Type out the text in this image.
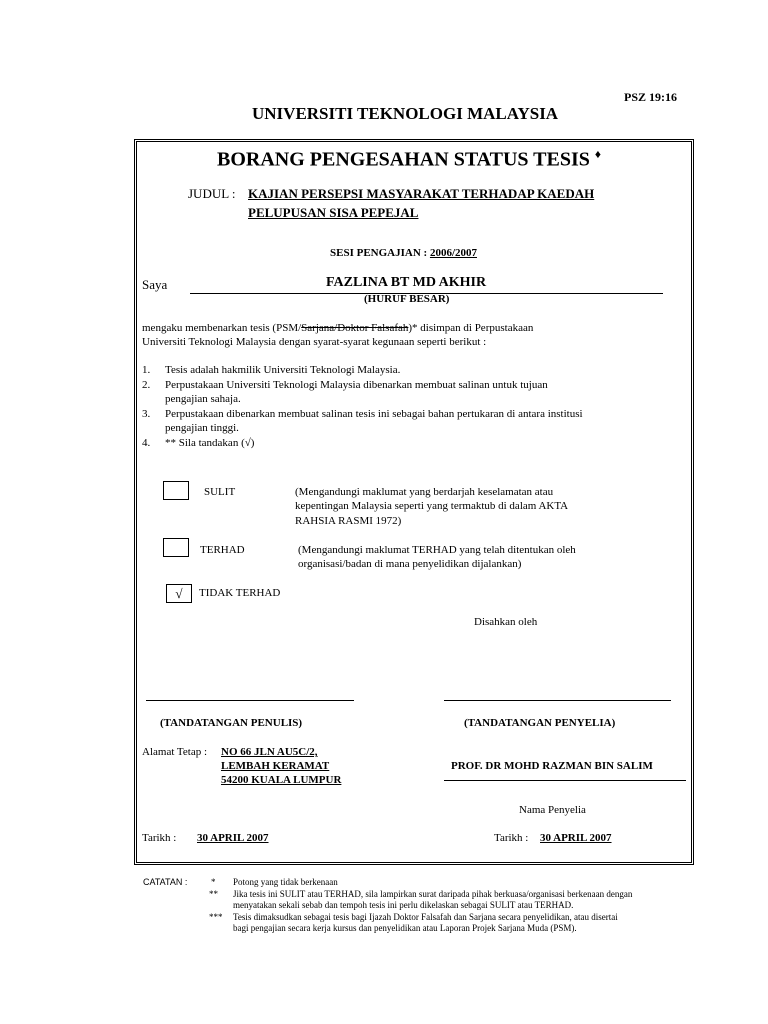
PSZ 19:16
UNIVERSITI TEKNOLOGI MALAYSIA
BORANG PENGESAHAN STATUS TESIS ♦
JUDUL : KAJIAN PERSEPSI MASYARAKAT TERHADAP KAEDAH
PELUPUSAN SISA PEPEJAL
SESI PENGAJIAN : 2006/2007
Saya	FAZLINA BT MD AKHIR
(HURUF BESAR)
mengaku membenarkan tesis (PSM/Sarjana/Doktor Falsafah)* disimpan di Perpustakaan
Universiti Teknologi Malaysia dengan syarat-syarat kegunaan seperti berikut :
1. Tesis adalah hakmilik Universiti Teknologi Malaysia.
2. Perpustakaan Universiti Teknologi Malaysia dibenarkan membuat salinan untuk tujuan
pengajian sahaja.
3. Perpustakaan dibenarkan membuat salinan tesis ini sebagai bahan pertukaran di antara institusi
pengajian tinggi.
4. ** Sila tandakan (√)
SULIT	(Mengandungi maklumat yang berdarjah keselamatan atau
kepentingan Malaysia seperti yang termaktub di dalam AKTA
RAHSIA RASMI 1972)
TERHAD	(Mengandungi maklumat TERHAD yang telah ditentukan oleh
organisasi/badan di mana penyelidikan dijalankan)
√	TIDAK TERHAD
Disahkan oleh
(TANDATANGAN PENULIS)	(TANDATANGAN PENYELIA)
Alamat Tetap : NO 66 JLN AU5C/2,
LEMBAH KERAMAT
54200 KUALA LUMPUR
PROF. DR MOHD RAZMAN BIN SALIM
Nama Penyelia
Tarikh : 30 APRIL 2007	Tarikh : 30 APRIL 2007
CATATAN :	* Potong yang tidak berkenaan
** Jika tesis ini SULIT atau TERHAD, sila lampirkan surat daripada pihak berkuasa/organisasi berkenaan dengan
menyatakan sekali sebab dan tempoh tesis ini perlu dikelaskan sebagai SULIT atau TERHAD.
*** Tesis dimaksudkan sebagai tesis bagi Ijazah Doktor Falsafah dan Sarjana secara penyelidikan, atau disertai
bagi pengajian secara kerja kursus dan penyelidikan atau Laporan Projek Sarjana Muda (PSM).
